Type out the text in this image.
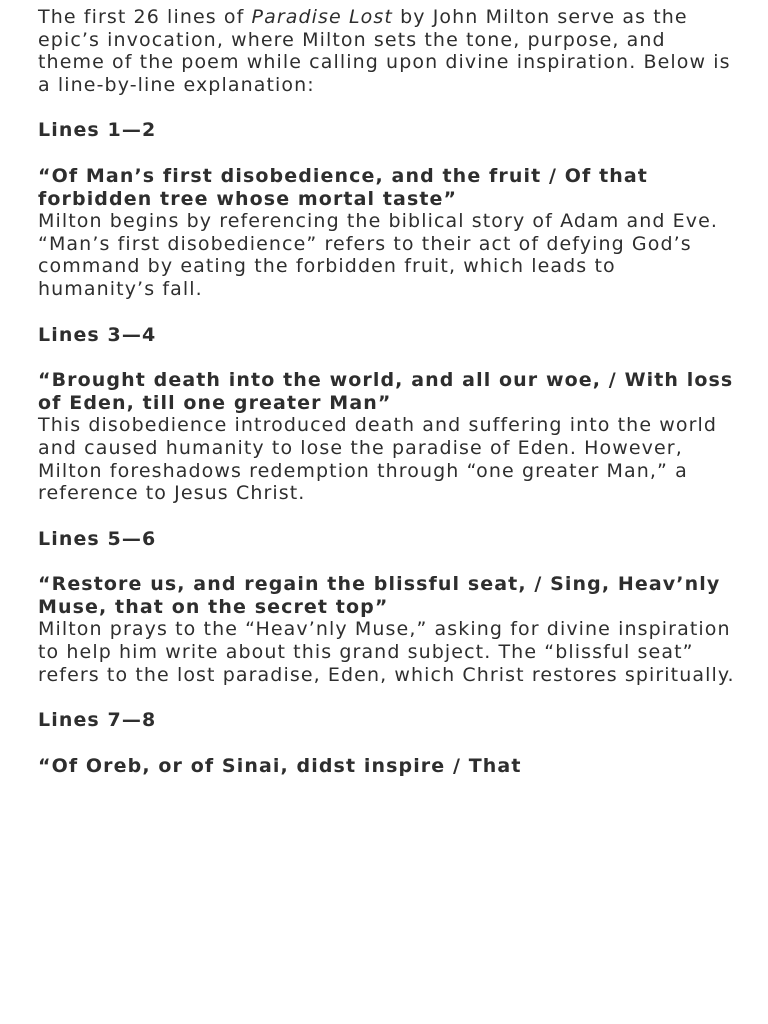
The first 26 lines of Paradise Lost by John Milton serve as the epic’s invocation, where Milton sets the tone, purpose, and theme of the poem while calling upon divine inspiration. Below is a line-by-line explanation:

Lines 1—2

“Of Man’s first disobedience, and the fruit / Of that forbidden tree whose mortal taste”

Milton begins by referencing the biblical story of Adam and Eve. “Man’s first disobedience” refers to their act of defying God’s command by eating the forbidden fruit, which leads to humanity’s fall.

Lines 3—4

“Brought death into the world, and all our woe, / With loss of Eden, till one greater Man”

This disobedience introduced death and suffering into the world and caused humanity to lose the paradise of Eden. However, Milton foreshadows redemption through “one greater Man,” a reference to Jesus Christ.

Lines 5—6

“Restore us, and regain the blissful seat, / Sing, Heav’nly Muse, that on the secret top”

Milton prays to the “Heav’nly Muse,” asking for divine inspiration to help him write about this grand subject. The “blissful seat” refers to the lost paradise, Eden, which Christ restores spiritually.

Lines 7—8

“Of Oreb, or of Sinai, didst inspire / That
